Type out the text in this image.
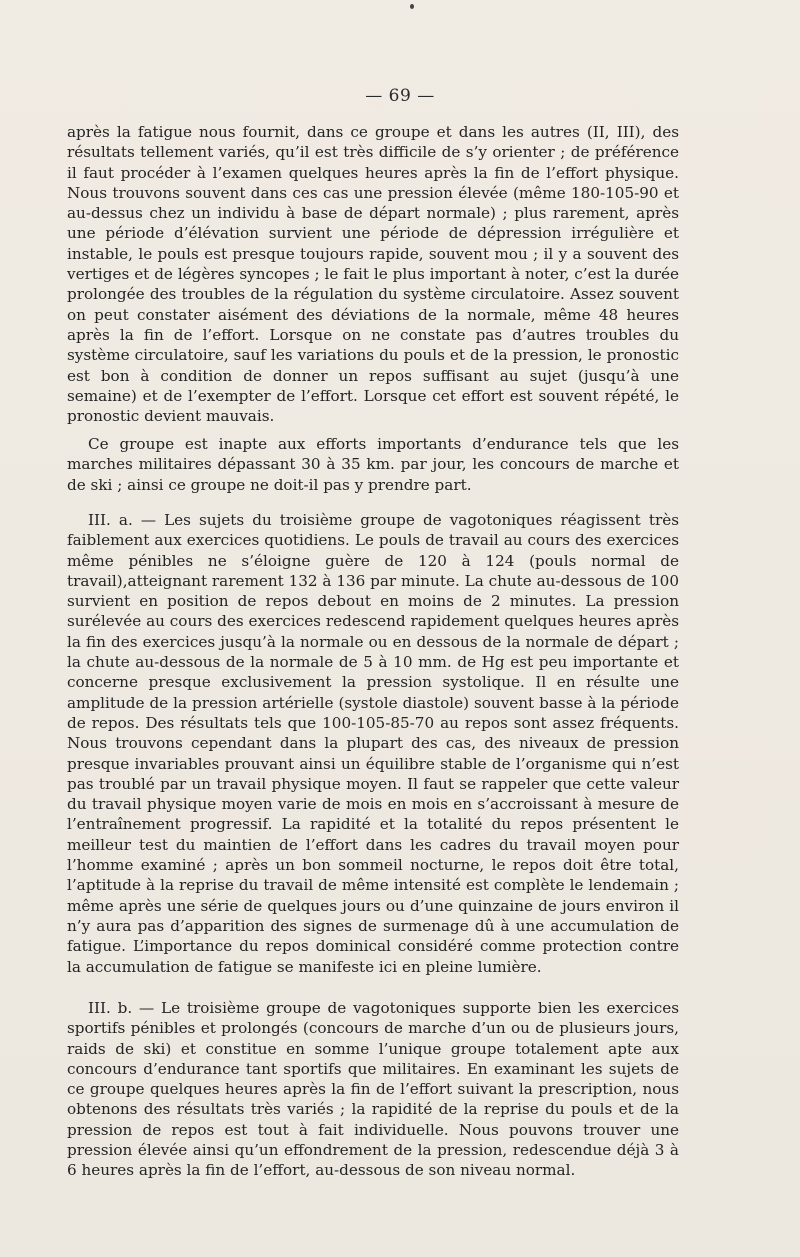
— 69 —

après la fatigue nous fournit, dans ce groupe et dans les autres (II, III), des résultats tellement variés, qu’il est très difficile de s’y orienter ; de préférence il faut procéder à l’examen quelques heures après la fin de l’effort physique. Nous trouvons souvent dans ces cas une pression élevée (même 180-105-90 et au-dessus chez un individu à base de départ normale) ; plus rarement, après une période d’élévation survient une période de dépression irrégulière et instable, le pouls est presque toujours rapide, souvent mou ; il y a souvent des vertiges et de légères syncopes ; le fait le plus important à noter, c’est la durée prolongée des troubles de la régulation du système circulatoire. Assez souvent on peut constater aisément des déviations de la normale, même 48 heures après la fin de l’effort. Lorsque on ne constate pas d’autres troubles du système circulatoire, sauf les variations du pouls et de la pression, le pronostic est bon à condition de donner un repos suffisant au sujet (jusqu’à une semaine) et de l’exempter de l’effort. Lorsque cet effort est souvent répété, le pronostic devient mauvais.

Ce groupe est inapte aux efforts importants d’endurance tels que les marches militaires dépassant 30 à 35 km. par jour, les concours de marche et de ski ; ainsi ce groupe ne doit-il pas y prendre part.

III. a. — Les sujets du troisième groupe de vagotoniques réagissent très faiblement aux exercices quotidiens. Le pouls de travail au cours des exercices même pénibles ne s’éloigne guère de 120 à 124 (pouls normal de travail),atteignant rarement 132 à 136 par minute. La chute au-dessous de 100 survient en position de repos debout en moins de 2 minutes. La pression surélevée au cours des exercices redescend rapidement quelques heures après la fin des exercices jusqu’à la normale ou en dessous de la normale de départ ; la chute au-dessous de la normale de 5 à 10 mm. de Hg est peu importante et concerne presque exclusivement la pression systolique. Il en résulte une amplitude de la pression artérielle (systole diastole) souvent basse à la période de repos. Des résultats tels que 100-105-85-70 au repos sont assez fréquents. Nous trouvons cependant dans la plupart des cas, des niveaux de pression presque invariables prouvant ainsi un équilibre stable de l’organisme qui n’est pas troublé par un travail physique moyen. Il faut se rappeler que cette valeur du travail physique moyen varie de mois en mois en s’accroissant à mesure de l’entraînement progressif. La rapidité et la totalité du repos présentent le meilleur test du maintien de l’effort dans les cadres du travail moyen pour l’homme examiné ; après un bon sommeil nocturne, le repos doit être total, l’aptitude à la reprise du travail de même intensité est complète le lendemain ; même après une série de quelques jours ou d’une quinzaine de jours environ il n’y aura pas d’apparition des signes de surmenage dû à une accumulation de fatigue. L’importance du repos dominical considéré comme protection contre la accumulation de fatigue se manifeste ici en pleine lumière.

III. b. — Le troisième groupe de vagotoniques supporte bien les exercices sportifs pénibles et prolongés (concours de marche d’un ou de plusieurs jours, raids de ski) et constitue en somme l’unique groupe totalement apte aux concours d’endurance tant sportifs que militaires. En examinant les sujets de ce groupe quelques heures après la fin de l’effort suivant la prescription, nous obtenons des résultats très variés ; la rapidité de la reprise du pouls et de la pression de repos est tout à fait individuelle. Nous pouvons trouver une pression élevée ainsi qu’un effondrement de la pression, redescendue déjà 3 à 6 heures après la fin de l’effort, au-dessous de son niveau normal.
